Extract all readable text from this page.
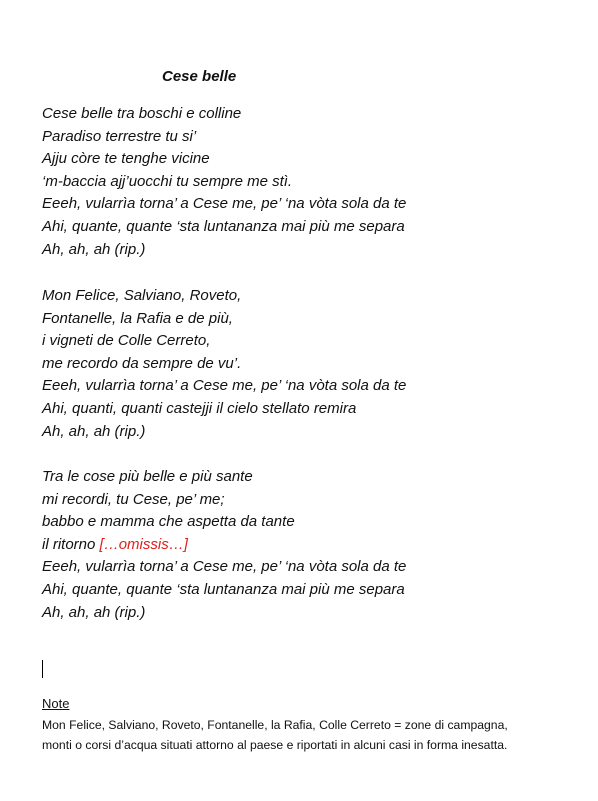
Cese belle
Cese belle tra boschi e colline
Paradiso terrestre tu si’
Ajju còre te tenghe vicine
‘m-baccia ajj’uocchi tu sempre me stì.
Eeeh, vularrìa torna’ a Cese me, pe’ ‘na vòta sola da te
Ahi, quante, quante ‘sta luntananza mai più me separa
Ah, ah, ah (rip.)
Mon Felice, Salviano, Roveto,
Fontanelle, la Rafia e de più,
i vigneti de Colle Cerreto,
me recordo da sempre de vu’.
Eeeh, vularrìa torna’ a Cese me, pe’ ‘na vòta sola da te
Ahi, quanti, quanti castejji il cielo stellato remira
Ah, ah, ah (rip.)
Tra le cose più belle e più sante
mi recordi, tu Cese, pe’ me;
babbo e mamma che aspetta da tante
il ritorno […omissis…]
Eeeh, vularrìa torna’ a Cese me, pe’ ‘na vòta sola da te
Ahi, quante, quante ‘sta luntananza mai più me separa
Ah, ah, ah (rip.)
Note
Mon Felice, Salviano, Roveto, Fontanelle, la Rafia, Colle Cerreto = zone di campagna,
monti o corsi d’acqua situati attorno al paese e riportati in alcuni casi in forma inesatta.
